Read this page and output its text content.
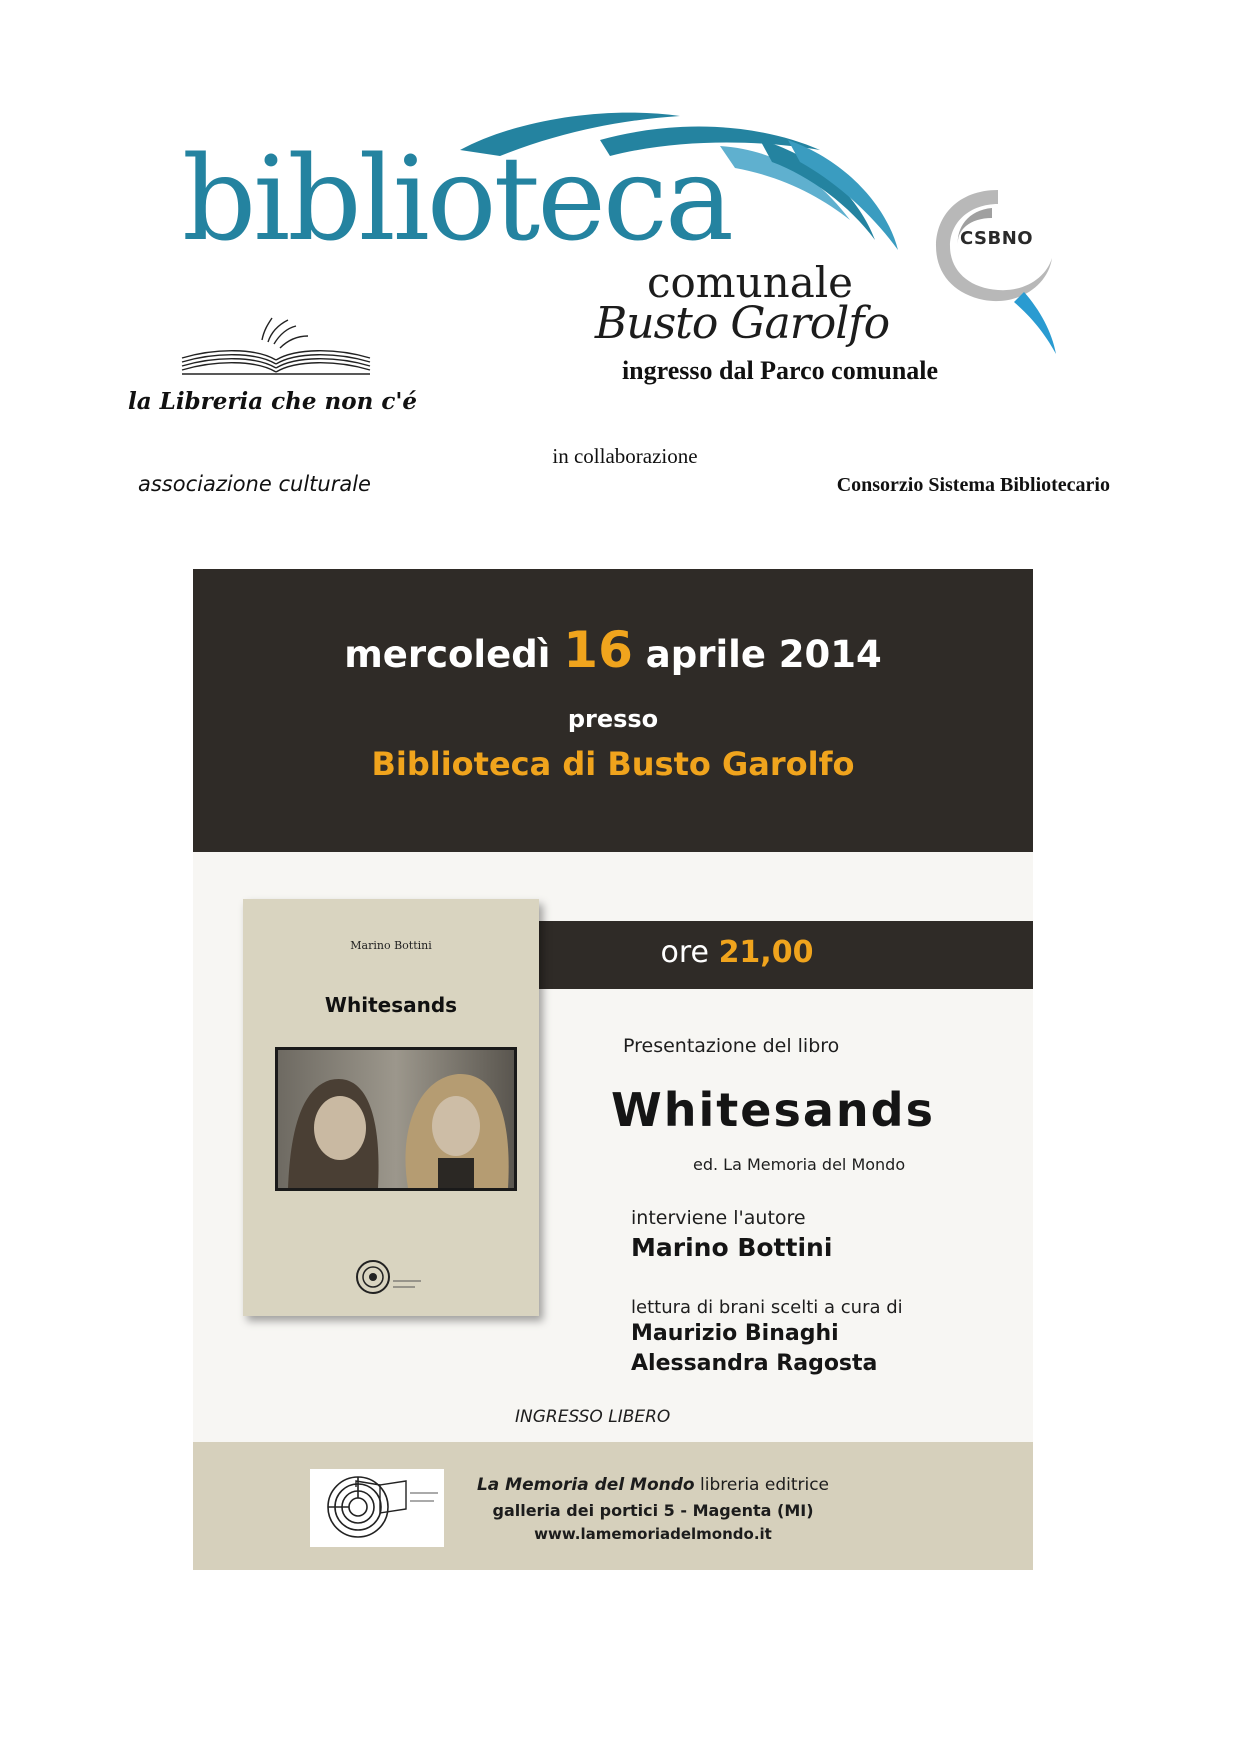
biblioteca
comunale
Busto Garolfo
CSBNO
la Libreria che non c'é
ingresso dal Parco comunale
in collaborazione
associazione culturale	Consorzio Sistema Bibliotecario
mercoledì 16 aprile 2014
presso
Biblioteca di Busto Garolfo
ore 21,00
Marino Bottini
Whitesands
Presentazione del libro
Whitesands
ed. La Memoria del Mondo
interviene l'autore
Marino Bottini
lettura di brani scelti a cura di
Maurizio Binaghi
Alessandra Ragosta
INGRESSO LIBERO
La Memoria del Mondo libreria editrice
galleria dei portici 5 - Magenta (MI)
www.lamemoriadelmondo.it
